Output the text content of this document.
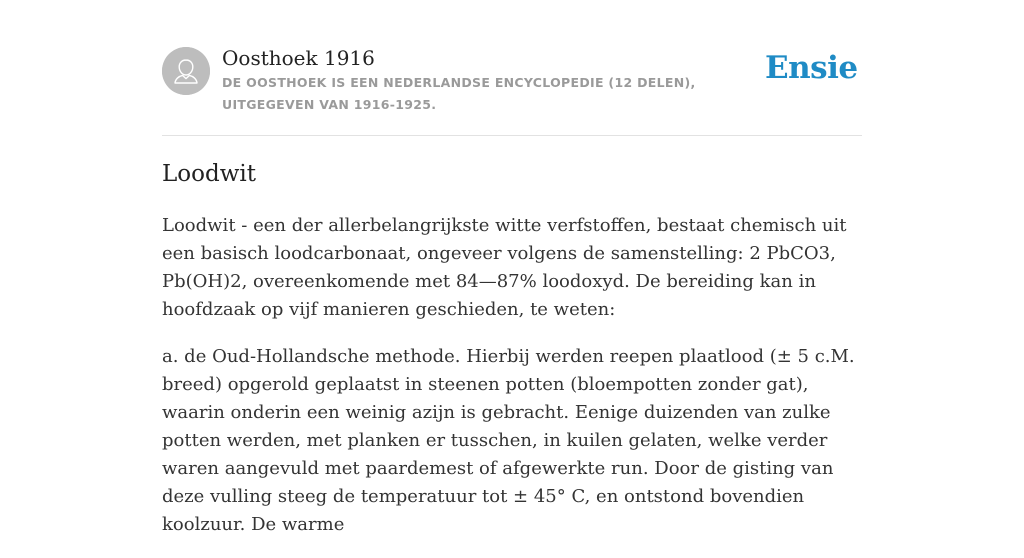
Oosthoek 1916
DE OOSTHOEK IS EEN NEDERLANDSE ENCYCLOPEDIE (12 DELEN), UITGEGEVEN VAN 1916-1925.
Ensie
Loodwit

Loodwit - een der allerbelangrijkste witte verfstoffen, bestaat chemisch uit een basisch loodcarbonaat, ongeveer volgens de samenstelling: 2 PbCO3, Pb(OH)2, overeenkomende met 84—87% loodoxyd. De bereiding kan in hoofdzaak op vijf manieren geschieden, te weten:

a. de Oud-Hollandsche methode. Hierbij werden reepen plaatlood (± 5 c.M. breed) opgerold geplaatst in steenen potten (bloempotten zonder gat), waarin onderin een weinig azijn is gebracht. Eenige duizenden van zulke potten werden, met planken er tusschen, in kuilen gelaten, welke verder waren aangevuld met paardemest of afgewerkte run. Door de gisting van deze vulling steeg de temperatuur tot ± 45° C, en ontstond bovendien koolzuur. De warme
